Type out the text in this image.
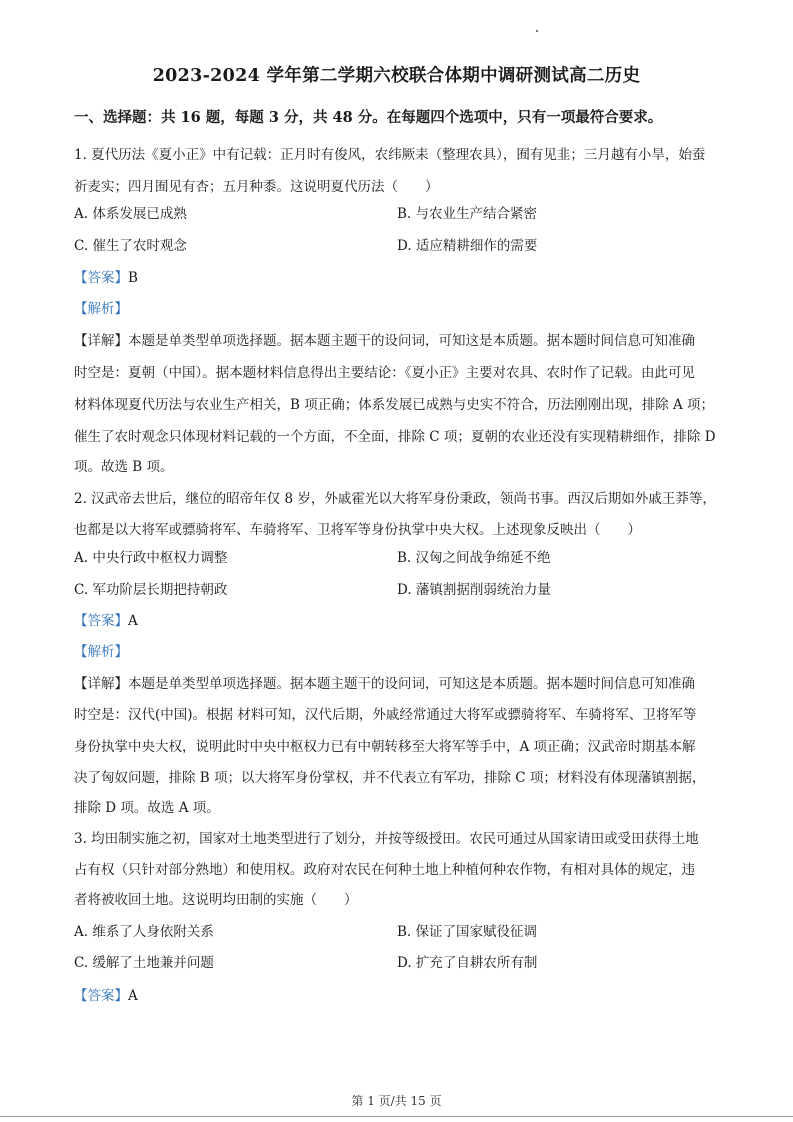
2023-2024 学年第二学期六校联合体期中调研测试高二历史
一、选择题：共 16 题，每题 3 分，共 48 分。在每题四个选项中，只有一项最符合要求。
1. 夏代历法《夏小正》中有记载：正月时有俊风，农纬厥耒（整理农具），囿有见韭；三月越有小旱，始蚕
祈麦实；四月囿见有杏；五月种黍。这说明夏代历法（　　）
A. 体系发展已成熟	B. 与农业生产结合紧密
C. 催生了农时观念	D. 适应精耕细作的需要
【答案】B
【解析】
【详解】本题是单类型单项选择题。据本题主题干的设问词，可知这是本质题。据本题时间信息可知准确
时空是：夏朝（中国）。据本题材料信息得出主要结论：《夏小正》主要对农具、农时作了记载。由此可见
材料体现夏代历法与农业生产相关，B 项正确；体系发展已成熟与史实不符合，历法刚刚出现，排除 A 项；
催生了农时观念只体现材料记载的一个方面，不全面，排除 C 项；夏朝的农业还没有实现精耕细作，排除 D
项。故选 B 项。
2. 汉武帝去世后，继位的昭帝年仅 8 岁，外戚霍光以大将军身份秉政，领尚书事。西汉后期如外戚王莽等，
也都是以大将军或骠骑将军、车骑将军、卫将军等身份执掌中央大权。上述现象反映出（　　）
A. 中央行政中枢权力调整	B. 汉匈之间战争绵延不绝
C. 军功阶层长期把持朝政	D. 藩镇割据削弱统治力量
【答案】A
【解析】
【详解】本题是单类型单项选择题。据本题主题干的设问词，可知这是本质题。据本题时间信息可知准确
时空是：汉代(中国)。根据 材料可知，汉代后期，外戚经常通过大将军或骠骑将军、车骑将军、卫将军等
身份执掌中央大权，说明此时中央中枢权力已有中朝转移至大将军等手中，A 项正确；汉武帝时期基本解
决了匈奴问题，排除 B 项；以大将军身份掌权，并不代表立有军功，排除 C 项；材料没有体现藩镇割据，
排除 D 项。故选 A 项。
3. 均田制实施之初，国家对土地类型进行了划分，并按等级授田。农民可通过从国家请田或受田获得土地
占有权（只针对部分熟地）和使用权。政府对农民在何种土地上种植何种农作物，有相对具体的规定，违
者将被收回土地。这说明均田制的实施（　　）
A. 维系了人身依附关系	B. 保证了国家赋役征调
C. 缓解了土地兼并问题	D. 扩充了自耕农所有制
【答案】A
第 1 页/共 15 页
